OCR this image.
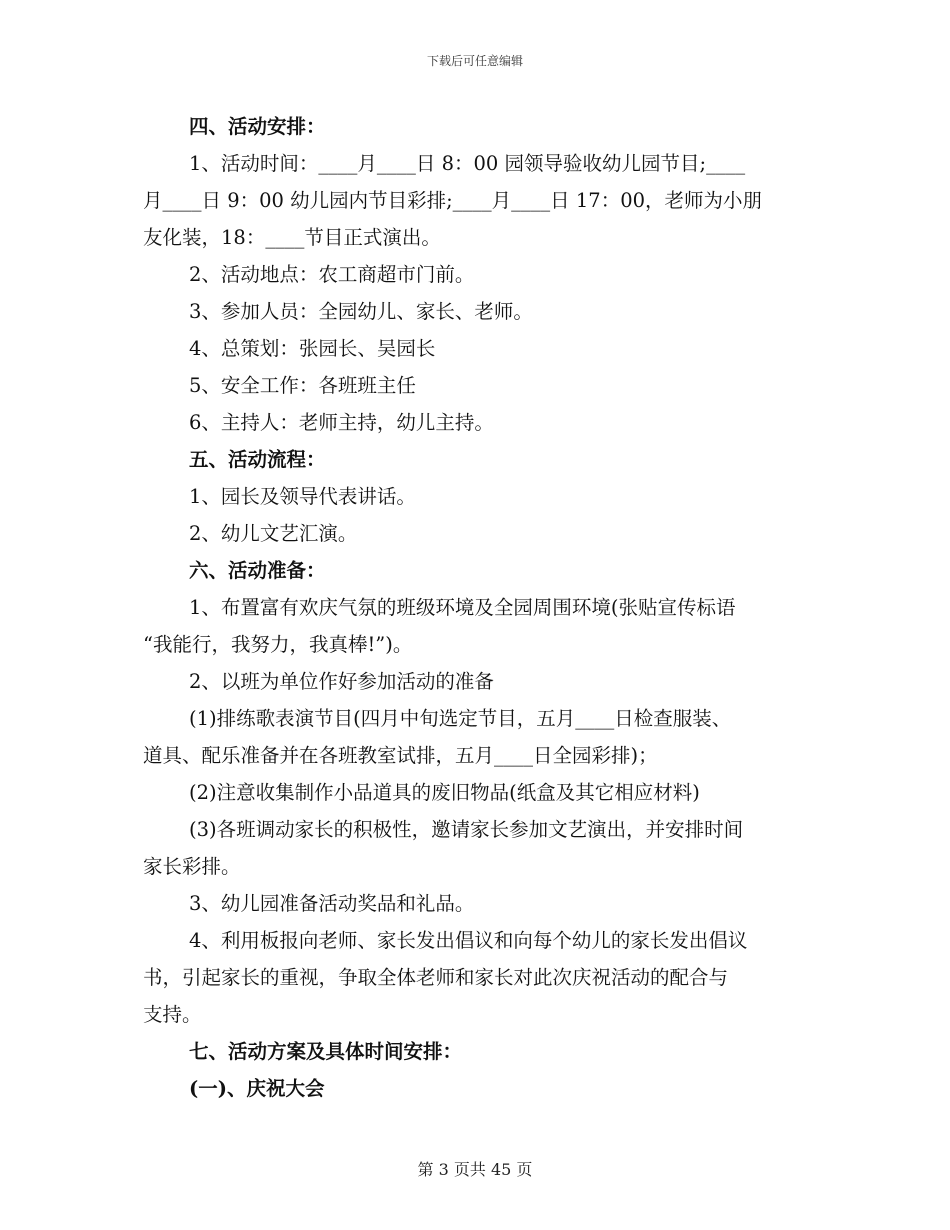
下载后可任意编辑
四、活动安排：
1、活动时间：____月____日 8：00 园领导验收幼儿园节目;____
月____日 9：00 幼儿园内节目彩排;____月____日 17：00，老师为小朋
友化装，18：____节目正式演出。
2、活动地点：农工商超市门前。
3、参加人员：全园幼儿、家长、老师。
4、总策划：张园长、吴园长
5、安全工作：各班班主任
6、主持人：老师主持，幼儿主持。
五、活动流程：
1、园长及领导代表讲话。
2、幼儿文艺汇演。
六、活动准备：
1、布置富有欢庆气氛的班级环境及全园周围环境(张贴宣传标语
“我能行，我努力，我真棒!”)。
2、以班为单位作好参加活动的准备
(1)排练歌表演节目(四月中旬选定节目，五月____日检查服装、
道具、配乐准备并在各班教室试排，五月____日全园彩排)；
(2)注意收集制作小品道具的废旧物品(纸盒及其它相应材料)
(3)各班调动家长的积极性，邀请家长参加文艺演出，并安排时间
家长彩排。
3、幼儿园准备活动奖品和礼品。
4、利用板报向老师、家长发出倡议和向每个幼儿的家长发出倡议
书，引起家长的重视，争取全体老师和家长对此次庆祝活动的配合与
支持。
七、活动方案及具体时间安排：
(一)、庆祝大会
第 3 页共 45 页
